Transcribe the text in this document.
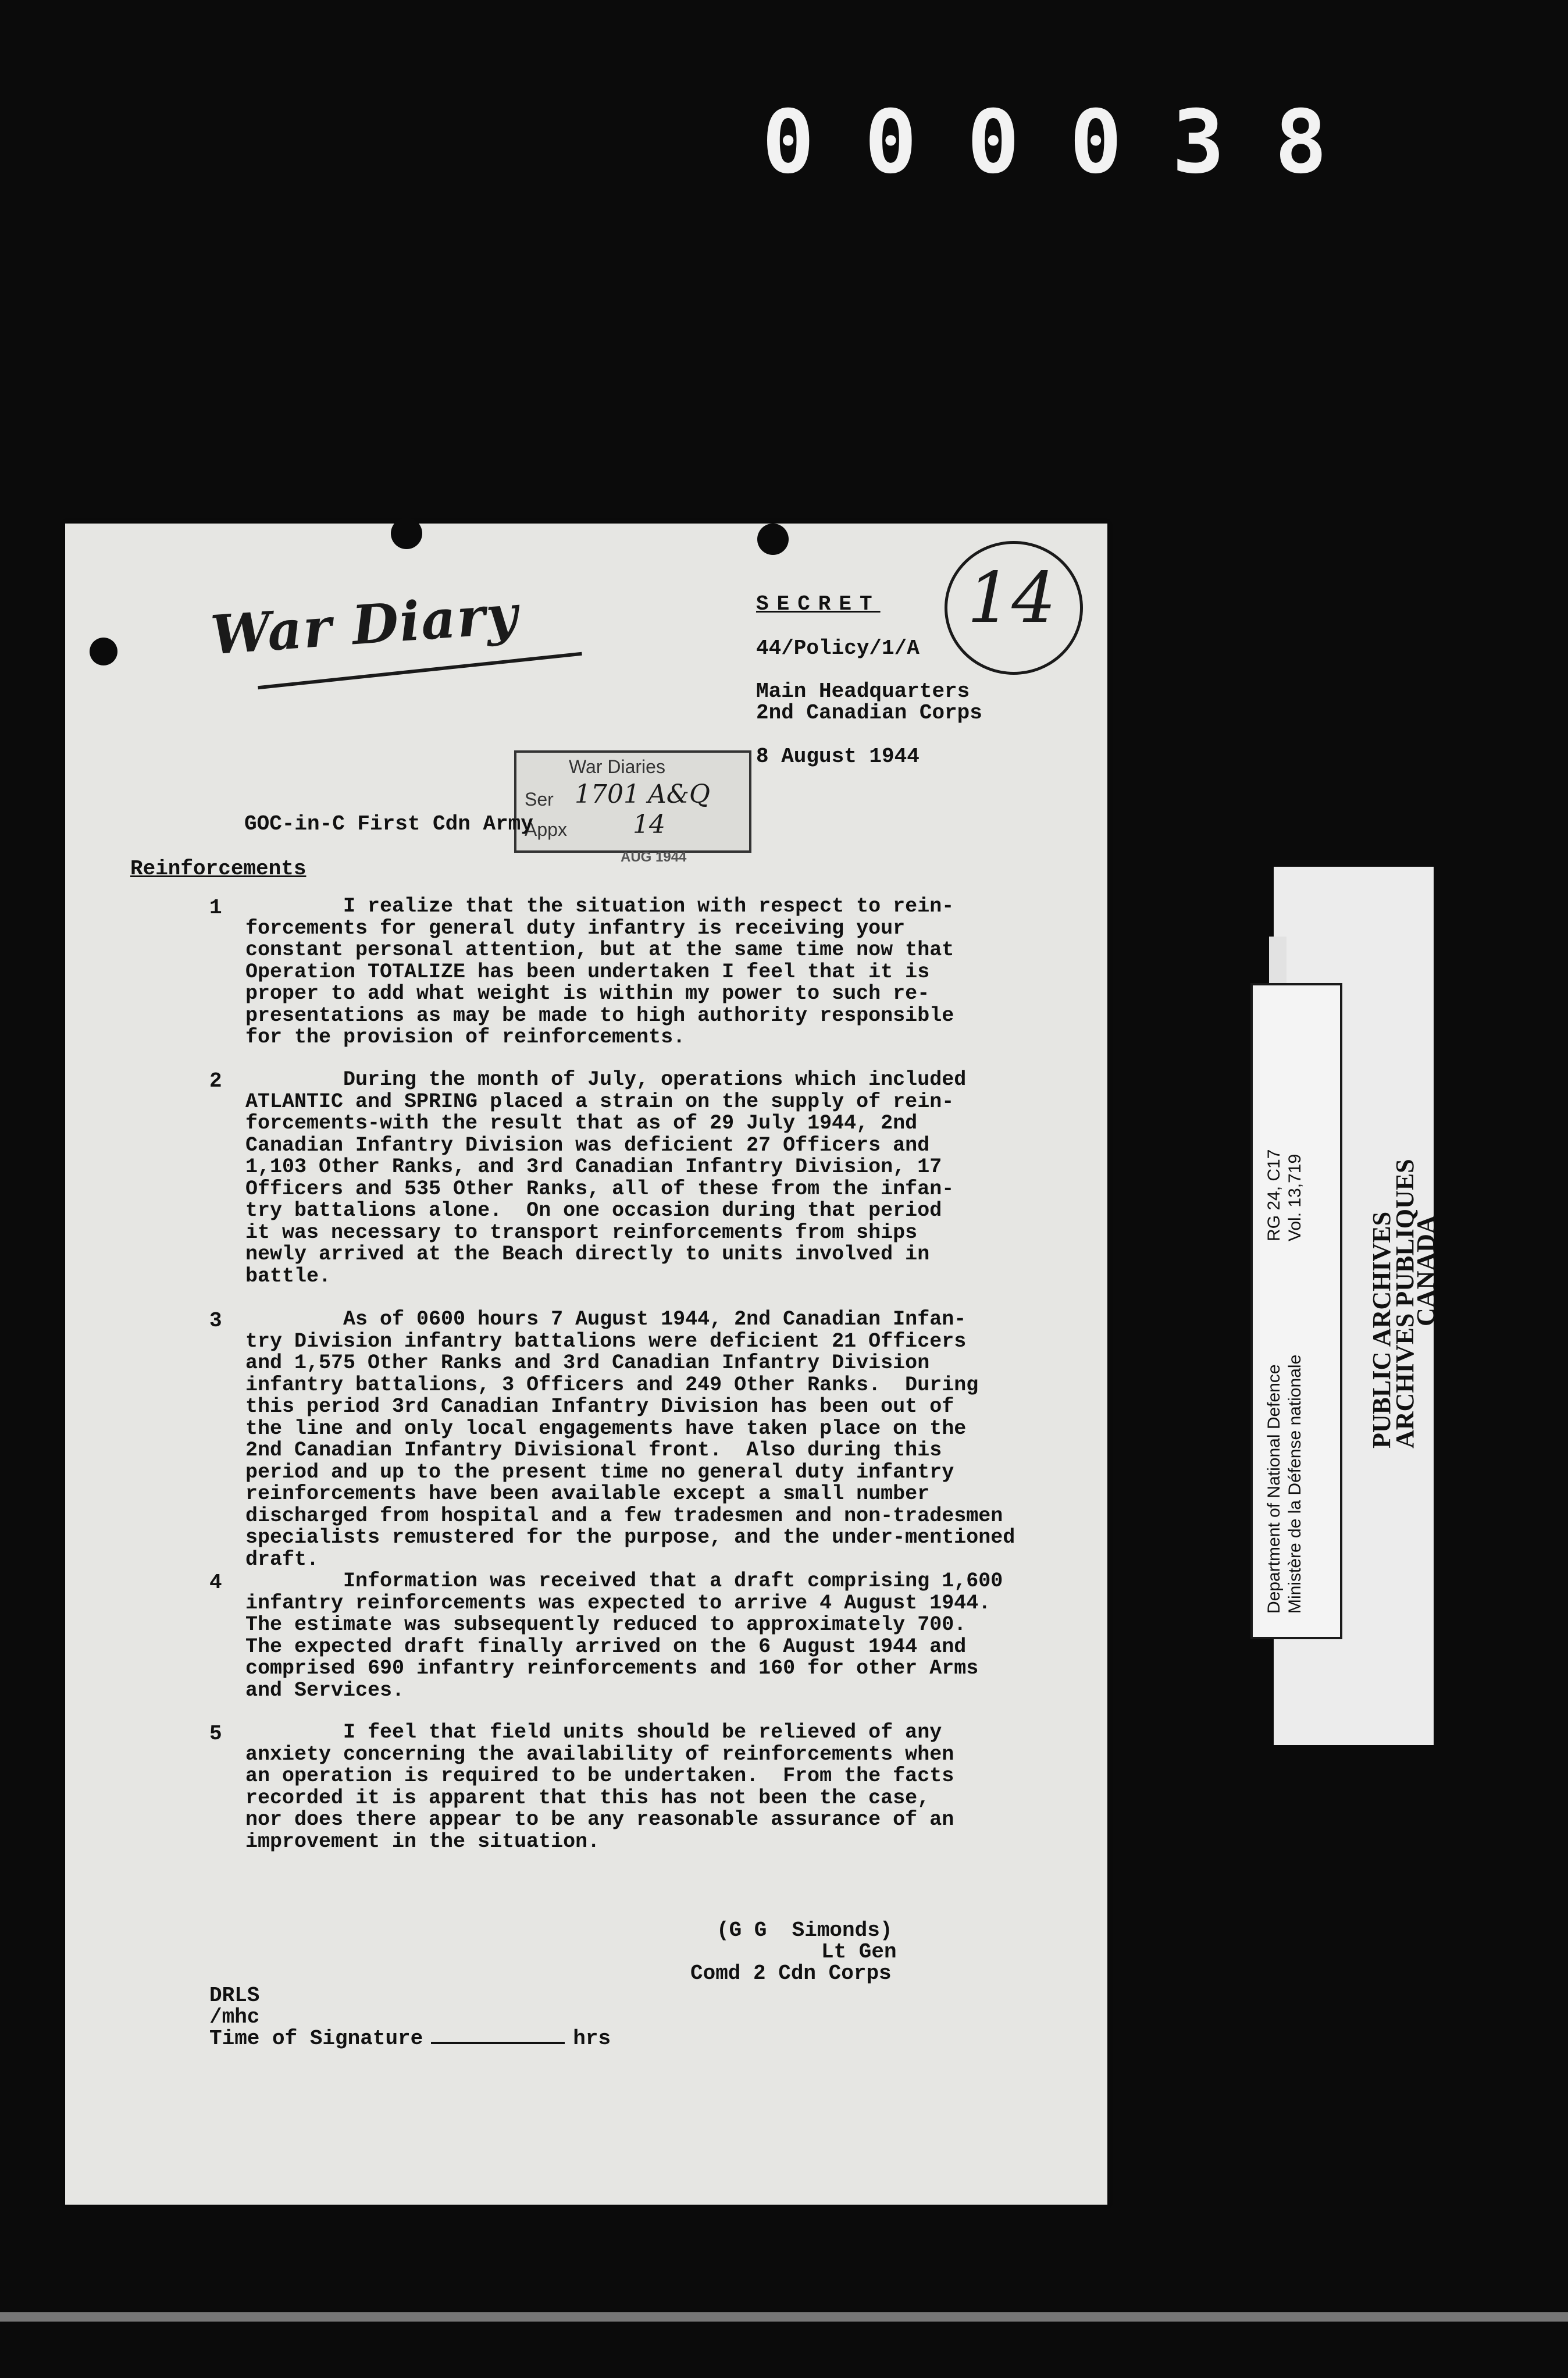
000038
War Diary	SECRET 14
44/Policy/1/A
Main Headquarters
2nd Canadian Corps
8 August 1944
War Diaries
Ser 1701 A&Q
Appx	14
AUG 1944
GOC-in-C First Cdn Army
Reinforcements
1	I realize that the situation with respect to rein-
forcements for general duty infantry is receiving your
constant personal attention, but at the same time now that
Operation TOTALIZE has been undertaken I feel that it is
proper to add what weight is within my power to such re-
presentations as may be made to high authority responsible
for the provision of reinforcements.
2	During the month of July, operations which included
ATLANTIC and SPRING placed a strain on the supply of rein-
forcements-with the result that as of 29 July 1944, 2nd
Canadian Infantry Division was deficient 27 Officers and
1,103 Other Ranks, and 3rd Canadian Infantry Division, 17
Officers and 535 Other Ranks, all of these from the infan-
try battalions alone.  On one occasion during that period
it was necessary to transport reinforcements from ships
newly arrived at the Beach directly to units involved in
battle.
3	As of 0600 hours 7 August 1944, 2nd Canadian Infan-
try Division infantry battalions were deficient 21 Officers
and 1,575 Other Ranks and 3rd Canadian Infantry Division
infantry battalions, 3 Officers and 249 Other Ranks.  During
this period 3rd Canadian Infantry Division has been out of
the line and only local engagements have taken place on the
2nd Canadian Infantry Divisional front.  Also during this
period and up to the present time no general duty infantry
reinforcements have been available except a small number
discharged from hospital and a few tradesmen and non-tradesmen
specialists remustered for the purpose, and the under-mentioned
draft.
4	Information was received that a draft comprising 1,600
infantry reinforcements was expected to arrive 4 August 1944.
The estimate was subsequently reduced to approximately 700.
The expected draft finally arrived on the 6 August 1944 and
comprised 690 infantry reinforcements and 160 for other Arms
and Services.
5	I feel that field units should be relieved of any
anxiety concerning the availability of reinforcements when
an operation is required to be undertaken.  From the facts
recorded it is apparent that this has not been the case,
nor does there appear to be any reasonable assurance of an
improvement in the situation.
(G G  Simonds)
Lt Gen
Comd 2 Cdn Corps
DRLS
/mhc
Time of Signature	hrs
PUBLIC ARCHIVES
ARCHIVES PUBLIQUES
CANADA
Department of National Defence Ministère de la Défense nationale
RG 24, C17 Vol. 13,719
